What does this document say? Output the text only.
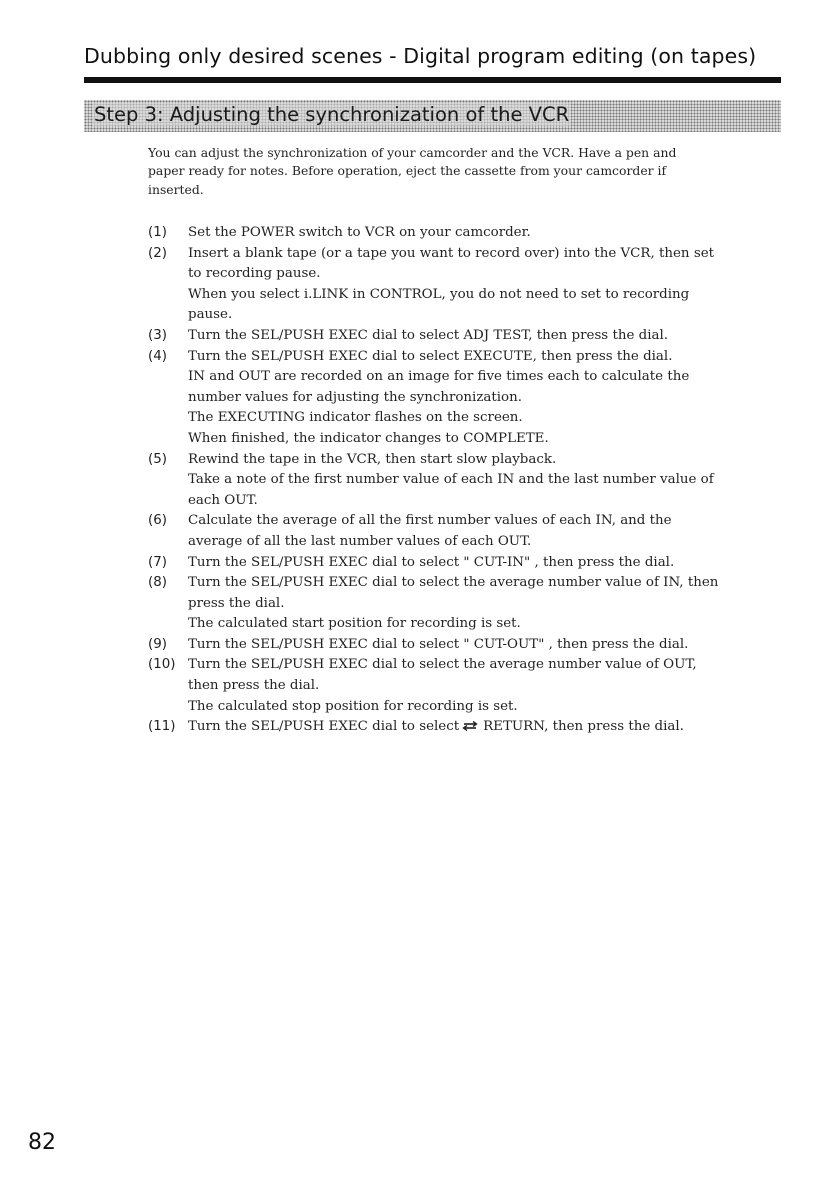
Dubbing only desired scenes - Digital program editing (on tapes)
Step 3: Adjusting the synchronization of the VCR
You can adjust the synchronization of your camcorder and the VCR. Have a pen and
paper ready for notes. Before operation, eject the cassette from your camcorder if
inserted.
(1) Set the POWER switch to VCR on your camcorder.
(2) Insert a blank tape (or a tape you want to record over) into the VCR, then set
to recording pause.
When you select i.LINK in CONTROL, you do not need to set to recording
pause.
(3) Turn the SEL/PUSH EXEC dial to select ADJ TEST, then press the dial.
(4) Turn the SEL/PUSH EXEC dial to select EXECUTE, then press the dial.
IN and OUT are recorded on an image for five times each to calculate the
number values for adjusting the synchronization.
The EXECUTING indicator flashes on the screen.
When finished, the indicator changes to COMPLETE.
(5) Rewind the tape in the VCR, then start slow playback.
Take a note of the first number value of each IN and the last number value of
each OUT.
(6) Calculate the average of all the first number values of each IN, and the
average of all the last number values of each OUT.
(7) Turn the SEL/PUSH EXEC dial to select " CUT-IN" , then press the dial.
(8) Turn the SEL/PUSH EXEC dial to select the average number value of IN, then
press the dial.
The calculated start position for recording is set.
(9) Turn the SEL/PUSH EXEC dial to select " CUT-OUT" , then press the dial.
(10) Turn the SEL/PUSH EXEC dial to select the average number value of OUT,
then press the dial.
The calculated stop position for recording is set.
(11) Turn the SEL/PUSH EXEC dial to select RETURN, then press the dial.
82
